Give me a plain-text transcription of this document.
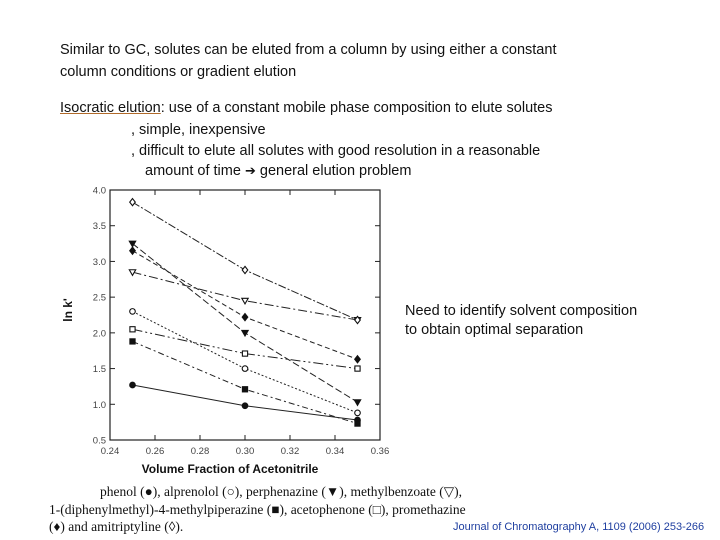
Similar to GC, solutes can be eluted from a column by using either a constant
column conditions or gradient elution
Isocratic elution: use of a constant mobile phase composition to elute solutes
, simple, inexpensive
, difficult to elute all solutes with good resolution in a reasonable
amount of time ➔ general elution problem
0.24	0.26	0.28	0.30	0.32	0.34	0.36
0.5
1.0
1.5
2.0
2.5
3.0
3.5
4.0
Volume Fraction of Acetonitrile
ln k'	Need to identify solvent composition
to obtain optimal separation
phenol (●), alprenolol (○), perphenazine (▼), methylbenzoate (▽),
1-(diphenylmethyl)-4-methylpiperazine (■), acetophenone (□), promethazine
(♦) and amitriptyline (◊).	Journal of Chromatography A, 1109 (2006) 253-266
